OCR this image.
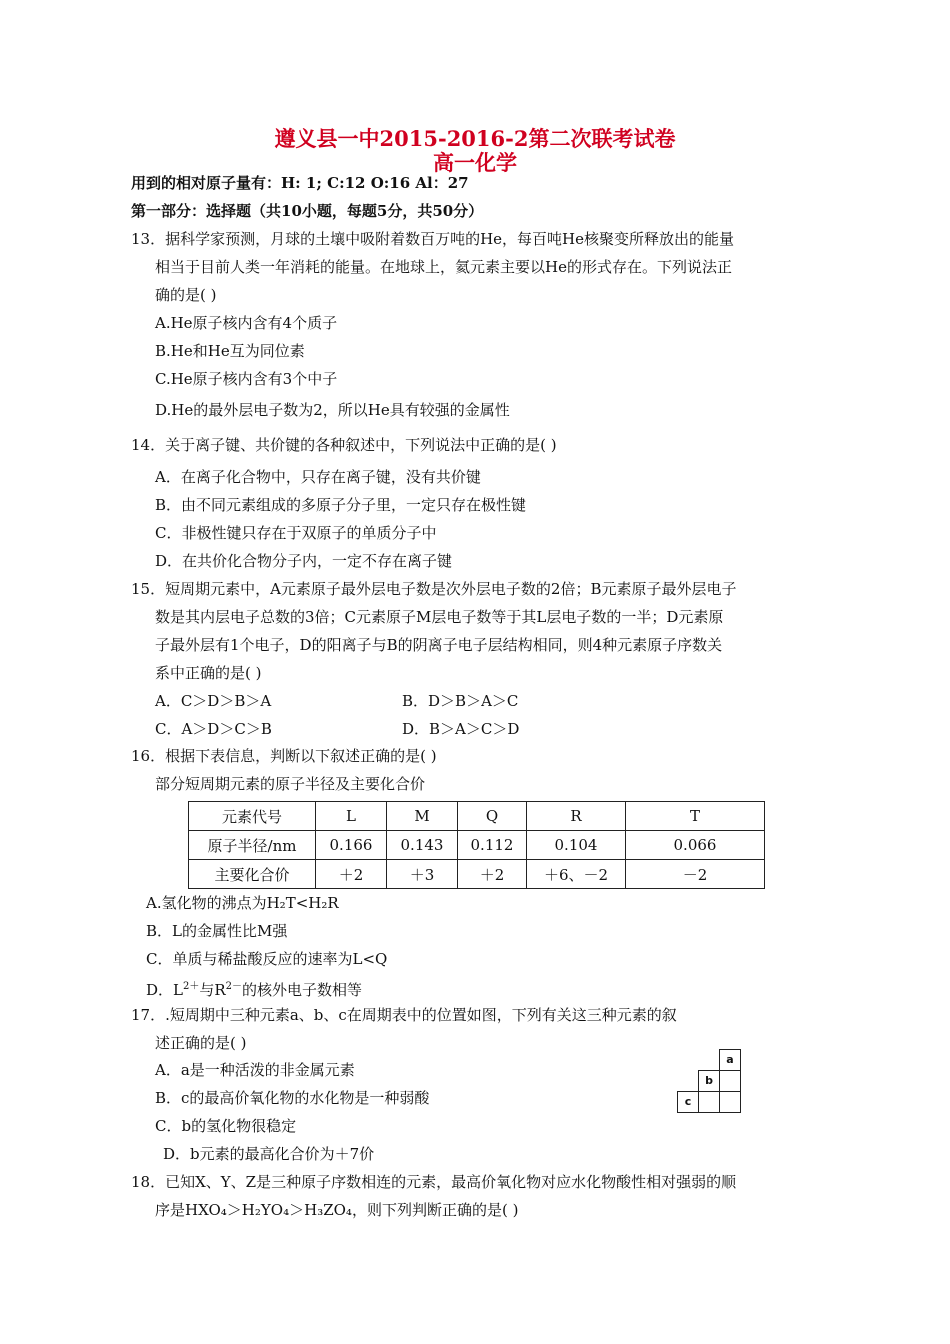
遵义县一中2015-2016-2第二次联考试卷
高一化学
用到的相对原子量有：H: 1; C:12 O:16 Al：27
第一部分：选择题（共10小题，每题5分，共50分）
13．据科学家预测，月球的土壤中吸附着数百万吨的He，每百吨He核聚变所释放出的能量
相当于目前人类一年消耗的能量。在地球上，氦元素主要以He的形式存在。下列说法正
确的是( )
A.He原子核内含有4个质子
B.He和He互为同位素
C.He原子核内含有3个中子
D.He的最外层电子数为2，所以He具有较强的金属性
14．关于离子键、共价键的各种叙述中，下列说法中正确的是( )
A．在离子化合物中，只存在离子键，没有共价键
B．由不同元素组成的多原子分子里，一定只存在极性键
C．非极性键只存在于双原子的单质分子中
D．在共价化合物分子内，一定不存在离子键
15．短周期元素中，A元素原子最外层电子数是次外层电子数的2倍；B元素原子最外层电子
数是其内层电子总数的3倍；C元素原子M层电子数等于其L层电子数的一半；D元素原
子最外层有1个电子，D的阳离子与B的阴离子电子层结构相同，则4种元素原子序数关
系中正确的是( )
A．C＞D＞B＞A	B．D＞B＞A＞C
C．A＞D＞C＞B	D．B＞A＞C＞D
16．根据下表信息，判断以下叙述正确的是( )
部分短周期元素的原子半径及主要化合价
元素代号	L	M	Q	R	T
原子半径/nm	0.166	0.143	0.112	0.104	0.066
主要化合价	＋2	＋3	＋2	＋6、－2	－2
A.氢化物的沸点为H₂T<H₂R
B．L的金属性比M强
C．单质与稀盐酸反应的速率为L<Q
D．$L^{2+}$与$R^{2-}$的核外电子数相等
17．.短周期中三种元素a、b、c在周期表中的位置如图，下列有关这三种元素的叙
述正确的是( )
A．a是一种活泼的非金属元素
B．c的最高价氧化物的水化物是一种弱酸
C．b的氢化物很稳定
D．b元素的最高化合价为＋7价
a
b
c
18．已知X、Y、Z是三种原子序数相连的元素，最高价氧化物对应水化物酸性相对强弱的顺
序是HXO₄＞H₂YO₄＞H₃ZO₄，则下列判断正确的是( )
